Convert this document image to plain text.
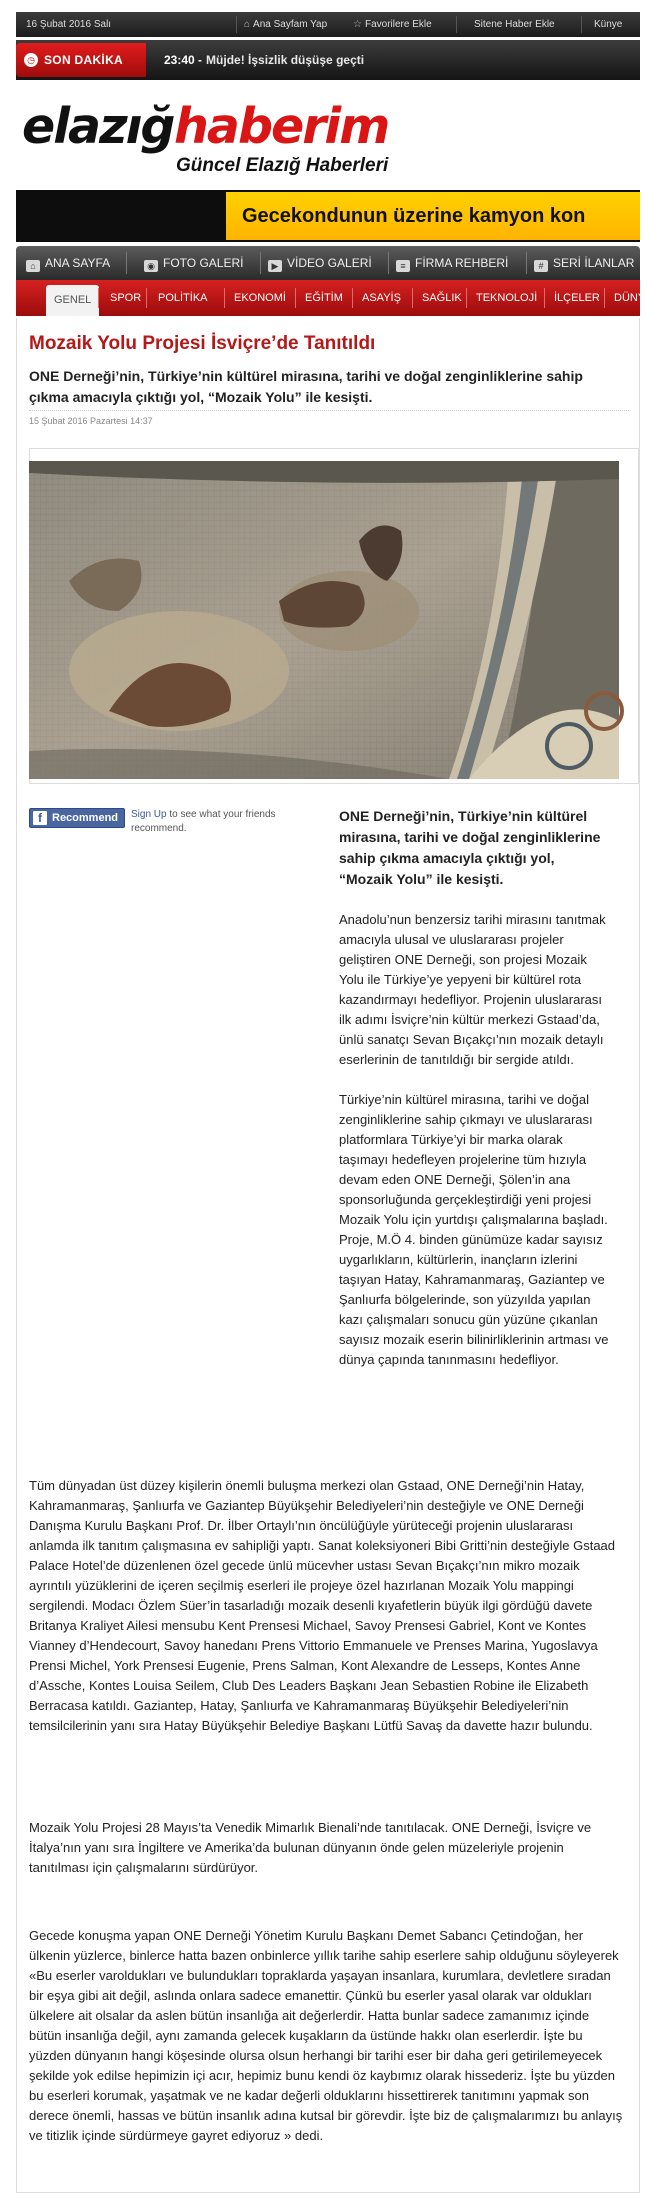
16 Şubat 2016 Salı	⌂ Ana Sayfam Yap	☆ Favorilere Ekle	Sitene Haber Ekle	Künye
◷ SON DAKİKA	23:40 - Müjde! İşsizlik düşüşe geçti
elazığ haberim
Güncel Elazığ Haberleri
Gecekondunun üzerine kamyon kon
⌂ ANA SAYFA	◉ FOTO GALERİ	▶ VİDEO GALERİ	≡ FİRMA REHBERİ	# SERİ İLANLAR
GENEL	SPOR POLİTİKA EKONOMİ EĞİTİM ASAYİŞ SAĞLIK TEKNOLOJİ İLÇELER DÜNYA
Mozaik Yolu Projesi İsviçre’de Tanıtıldı

ONE Derneği’nin, Türkiye’nin kültürel mirasına, tarihi ve doğal zenginliklerine sahip çıkma amacıyla çıktığı yol, “Mozaik Yolu” ile kesişti.

15 Şubat 2016 Pazartesi 14:37
f Recommend Sign Up to see what your friends recommend.

ONE Derneği’nin, Türkiye’nin kültürel mirasına, tarihi ve doğal zenginliklerine sahip çıkma amacıyla çıktığı yol, “Mozaik Yolu” ile kesişti.

Anadolu’nun benzersiz tarihi mirasını tanıtmak amacıyla ulusal ve uluslararası projeler geliştiren ONE Derneği, son projesi Mozaik Yolu ile Türkiye’ye yepyeni bir kültürel rota kazandırmayı hedefliyor. Projenin uluslararası ilk adımı İsviçre’nin kültür merkezi Gstaad’da, ünlü sanatçı Sevan Bıçakçı’nın mozaik detaylı eserlerinin de tanıtıldığı bir sergide atıldı.

Türkiye’nin kültürel mirasına, tarihi ve doğal zenginliklerine sahip çıkmayı ve uluslararası platformlara Türkiye’yi bir marka olarak taşımayı hedefleyen projelerine tüm hızıyla devam eden ONE Derneği, Şölen’in ana sponsorluğunda gerçekleştirdiği yeni projesi Mozaik Yolu için yurtdışı çalışmalarına başladı. Proje, M.Ö 4. binden günümüze kadar sayısız uygarlıkların, kültürlerin, inançların izlerini taşıyan Hatay, Kahramanmaraş, Gaziantep ve Şanlıurfa bölgelerinde, son yüzyılda yapılan kazı çalışmaları sonucu gün yüzüne çıkanlan sayısız mozaik eserin bilinirliklerinin artması ve dünya çapında tanınmasını hedefliyor.

Tüm dünyadan üst düzey kişilerin önemli buluşma merkezi olan Gstaad, ONE Derneği’nin Hatay, Kahramanmaraş, Şanlıurfa ve Gaziantep Büyükşehir Belediyeleri’nin desteğiyle ve ONE Derneği Danışma Kurulu Başkanı Prof. Dr. İlber Ortaylı’nın öncülüğüyle yürüteceği projenin uluslararası anlamda ilk tanıtım çalışmasına ev sahipliği yaptı. Sanat koleksiyoneri Bibi Gritti’nin desteğiyle Gstaad Palace Hotel’de düzenlenen özel gecede ünlü mücevher ustası Sevan Bıçakçı’nın mikro mozaik ayrıntılı yüzüklerini de içeren seçilmiş eserleri ile projeye özel hazırlanan Mozaik Yolu mappingi sergilendi. Modacı Özlem Süer’in tasarladığı mozaik desenli kıyafetlerin büyük ilgi gördüğü davete Britanya Kraliyet Ailesi mensubu Kent Prensesi Michael, Savoy Prensesi Gabriel, Kont ve Kontes Vianney d’Hendecourt, Savoy hanedanı Prens Vittorio Emmanuele ve Prenses Marina, Yugoslavya Prensi Michel, York Prensesi Eugenie, Prens Salman, Kont Alexandre de Lesseps, Kontes Anne d’Assche, Kontes Louisa Seilem, Club Des Leaders Başkanı Jean Sebastien Robine ile Elizabeth Berracasa katıldı. Gaziantep, Hatay, Şanlıurfa ve Kahramanmaraş Büyükşehir Belediyeleri’nin temsilcilerinin yanı sıra Hatay Büyükşehir Belediye Başkanı Lütfü Savaş da davette hazır bulundu.

Mozaik Yolu Projesi 28 Mayıs’ta Venedik Mimarlık Bienali’nde tanıtılacak. ONE Derneği, İsviçre ve İtalya’nın yanı sıra İngiltere ve Amerika’da bulunan dünyanın önde gelen müzeleriyle projenin tanıtılması için çalışmalarını sürdürüyor.

Gecede konuşma yapan ONE Derneği Yönetim Kurulu Başkanı Demet Sabancı Çetindoğan, her ülkenin yüzlerce, binlerce hatta bazen onbinlerce yıllık tarihe sahip eserlere sahip olduğunu söyleyerek «Bu eserler varoldukları ve bulundukları topraklarda yaşayan insanlara, kurumlara, devletlere sıradan bir eşya gibi ait değil, aslında onlara sadece emanettir. Çünkü bu eserler yasal olarak var oldukları ülkelere ait olsalar da aslen bütün insanlığa ait değerlerdir. Hatta bunlar sadece zamanımız içinde bütün insanlığa değil, aynı zamanda gelecek kuşakların da üstünde hakkı olan eserlerdir. İşte bu yüzden dünyanın hangi köşesinde olursa olsun herhangi bir tarihi eser bir daha geri getirilemeyecek şekilde yok edilse hepimizin içi acır, hepimiz bunu kendi öz kaybımız olarak hissederiz. İşte bu yüzden bu eserleri korumak, yaşatmak ve ne kadar değerli olduklarını hissettirerek tanıtımını yapmak son derece önemli, hassas ve bütün insanlık adına kutsal bir görevdir. İşte biz de çalışmalarımızı bu anlayış ve titizlik içinde sürdürmeye gayret ediyoruz » dedi.
